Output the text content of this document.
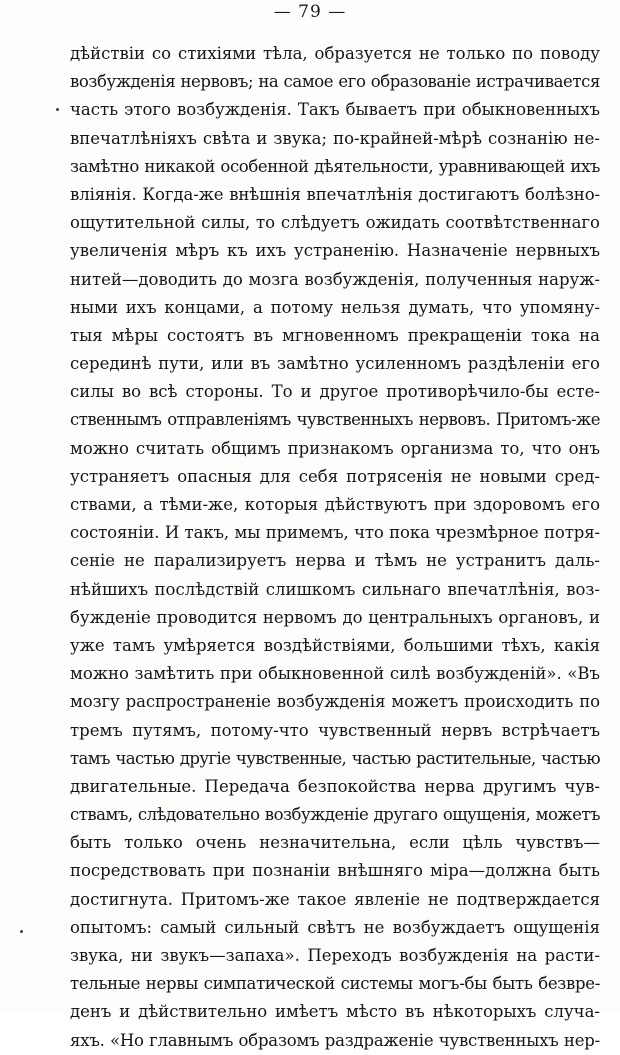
— 79 —
дѣйствіи со стихіями тѣла, образуется не только по поводу
возбужденія нервовъ; на самое его образованіе истрачивается
часть этого возбужденія. Такъ бываетъ при обыкновенныхъ
впечатлѣніяхъ свѣта и звука; по-крайней-мѣрѣ сознанію не-
замѣтно никакой особенной дѣятельности, уравнивающей ихъ
вліянія. Когда-же внѣшнія впечатлѣнія достигаютъ болѣзно-
ощутительной силы, то слѣдуетъ ожидать соотвѣтственнаго
увеличенія мѣръ къ ихъ устраненію. Назначеніе нервныхъ
нитей—доводить до мозга возбужденія, полученныя наруж-
ными ихъ концами, а потому нельзя думать, что упомяну-
тыя мѣры состоятъ въ мгновенномъ прекращеніи тока на
серединѣ пути, или въ замѣтно усиленномъ раздѣленіи его
силы во всѣ стороны. То и другое противорѣчило-бы есте-
ственнымъ отправленіямъ чувственныхъ нервовъ. Притомъ-же
можно считать общимъ признакомъ организма то, что онъ
устраняетъ опасныя для себя потрясенія не новыми сред-
ствами, а тѣми-же, которыя дѣйствуютъ при здоровомъ его
состояніи. И такъ, мы примемъ, что пока чрезмѣрное потря-
сеніе не парализируетъ нерва и тѣмъ не устранитъ даль-
нѣйшихъ послѣдствій слишкомъ сильнаго впечатлѣнія, воз-
бужденіе проводится нервомъ до центральныхъ органовъ, и
уже тамъ умѣряется воздѣйствіями, большими тѣхъ, какія
можно замѣтить при обыкновенной силѣ возбужденій». «Въ
мозгу распространеніе возбужденія можетъ происходить по
тремъ путямъ, потому-что чувственный нервъ встрѣчаетъ
тамъ частью другіе чувственные, частью растительные, частью
двигательные. Передача безпокойства нерва другимъ чув-
ствамъ, слѣдовательно возбужденіе другаго ощущенія, можетъ
быть только очень незначительна, если цѣль чувствъ—
посредствовать при познаніи внѣшняго міра—должна быть
достигнута. Притомъ-же такое явленіе не подтверждается
опытомъ: самый сильный свѣтъ не возбуждаетъ ощущенія
звука, ни звукъ—запаха». Переходъ возбужденія на расти-
тельные нервы симпатической системы могъ-бы быть безвре-
денъ и дѣйствительно имѣетъ мѣсто въ нѣкоторыхъ случа-
яхъ. «Но главнымъ образомъ раздраженіе чувственныхъ нер-
